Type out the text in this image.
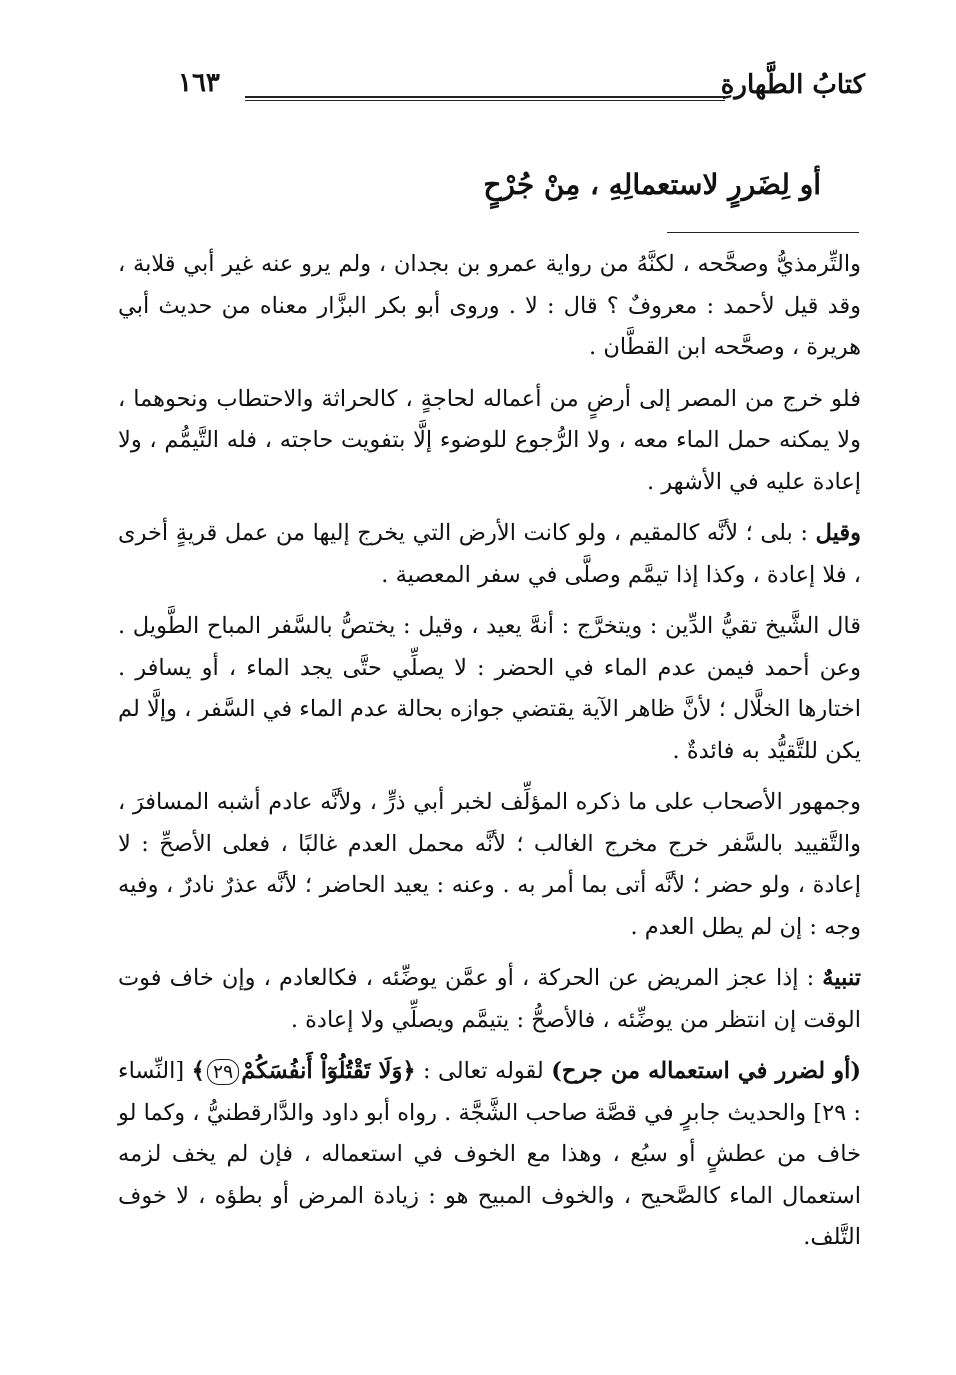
١٦٣	كتابُ الطَّهارةِ
أو لِضَررٍ لاستعمالِهِ ، مِنْ جُرْحٍ

والتِّرمذيُّ وصحَّحه ، لكنَّهُ من رواية عمرو بن بجدان ، ولم يرو عنه غير أبي قلابة ، وقد قيل لأحمد : معروفٌ ؟ قال : لا . وروى أبو بكر البزَّار معناه من حديث أبي هريرة ، وصحَّحه ابن القطَّان .

فلو خرج من المصر إلى أرضٍ من أعماله لحاجةٍ ، كالحراثة والاحتطاب ونحوهما ، ولا يمكنه حمل الماء معه ، ولا الرُّجوع للوضوء إلَّا بتفويت حاجته ، فله التَّيمُّم ، ولا إعادة عليه في الأشهر .

وقيل : بلى ؛ لأنَّه كالمقيم ، ولو كانت الأرض التي يخرج إليها من عمل قريةٍ أخرى ، فلا إعادة ، وكذا إذا تيمَّم وصلَّى في سفر المعصية .

قال الشَّيخ تقيُّ الدِّين : ويتخرَّج : أنهَّ يعيد ، وقيل : يختصُّ بالسَّفر المباح الطَّويل . وعن أحمد فيمن عدم الماء في الحضر : لا يصلِّي حتَّى يجد الماء ، أو يسافر . اختارها الخلَّال ؛ لأنَّ ظاهر الآية يقتضي جوازه بحالة عدم الماء في السَّفر ، وإلَّا لم يكن للتَّقيُّد به فائدةٌ .

وجمهور الأصحاب على ما ذكره المؤلِّف لخبر أبي ذرٍّ ، ولأنَّه عادم أشبه المسافرَ ، والتَّقييد بالسَّفر خرج مخرج الغالب ؛ لأنَّه محمل العدم غالبًا ، فعلى الأصحِّ : لا إعادة ، ولو حضر ؛ لأنَّه أتى بما أمر به . وعنه : يعيد الحاضر ؛ لأنَّه عذرٌ نادرٌ ، وفيه وجه : إن لم يطل العدم .

تنبيهٌ : إذا عجز المريض عن الحركة ، أو عمَّن يوضِّئه ، فكالعادم ، وإن خاف فوت الوقت إن انتظر من يوضِّئه ، فالأصحُّ : يتيمَّم ويصلِّي ولا إعادة .

(أو لضرر في استعماله من جرح) لقوله تعالى : ﴿وَلَا تَقْتُلُوٓاْ أَنفُسَكُمْ٢٩﴾ [النِّساء : ٢٩] والحديث جابرٍ في قصَّة صاحب الشَّجَّة . رواه أبو داود والدَّارقطنيُّ ، وكما لو خاف من عطشٍ أو سبُع ، وهذا مع الخوف في استعماله ، فإن لم يخف لزمه استعمال الماء كالصَّحيح ، والخوف المبيح هو : زيادة المرض أو بطؤه ، لا خوف التَّلف.
